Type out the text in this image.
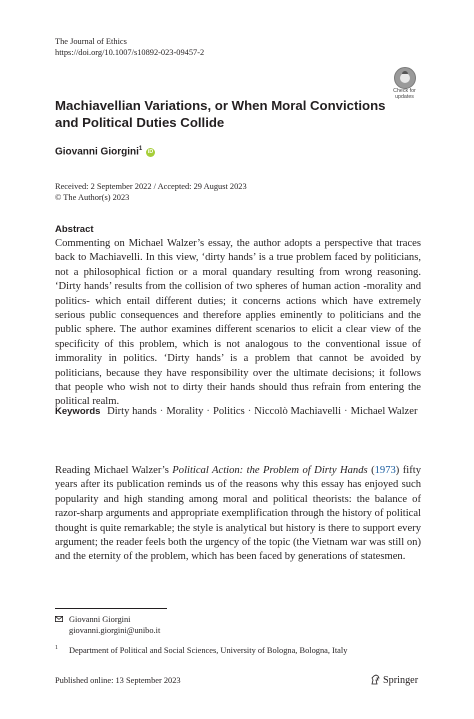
The Journal of Ethics
https://doi.org/10.1007/s10892-023-09457-2
Check for
updates
Machiavellian Variations, or When Moral Convictions and Political Duties Collide
Giovanni Giorgini$^1$ iD
Received: 2 September 2022 / Accepted: 29 August 2023
© The Author(s) 2023
Abstract
Commenting on Michael Walzer’s essay, the author adopts a perspective that traces back to Machiavelli. In this view, ‘dirty hands’ is a true problem faced by politicians, not a philosophical fiction or a moral quandary resulting from wrong reasoning. ‘Dirty hands’ results from the collision of two spheres of human action -morality and politics- which entail different duties; it concerns actions which have extremely serious public consequences and therefore applies eminently to politicians and the public sphere. The author examines different scenarios to elicit a clear view of the specificity of this problem, which is not analogous to the conventional issue of immorality in politics. ‘Dirty hands’ is a problem that cannot be avoided by politicians, because they have responsibility over the ultimate decisions; it follows that people who wish not to dirty their hands should thus refrain from entering the political realm.
Keywords Dirty hands · Morality · Politics · Niccolò Machiavelli · Michael Walzer
Reading Michael Walzer’s Political Action: the Problem of Dirty Hands (1973) fifty years after its publication reminds us of the reasons why this essay has enjoyed such popularity and high standing among moral and political theorists: the balance of razor-sharp arguments and appropriate exemplification through the history of political thought is quite remarkable; the style is analytical but history is there to support every argument; the reader feels both the urgency of the topic (the Vietnam war was still on) and the eternity of the problem, which has been faced by generations of statesmen.
Giovanni Giorgini
giovanni.giorgini@unibo.it
1 Department of Political and Social Sciences, University of Bologna, Bologna, Italy
Published online: 13 September 2023	Springer
